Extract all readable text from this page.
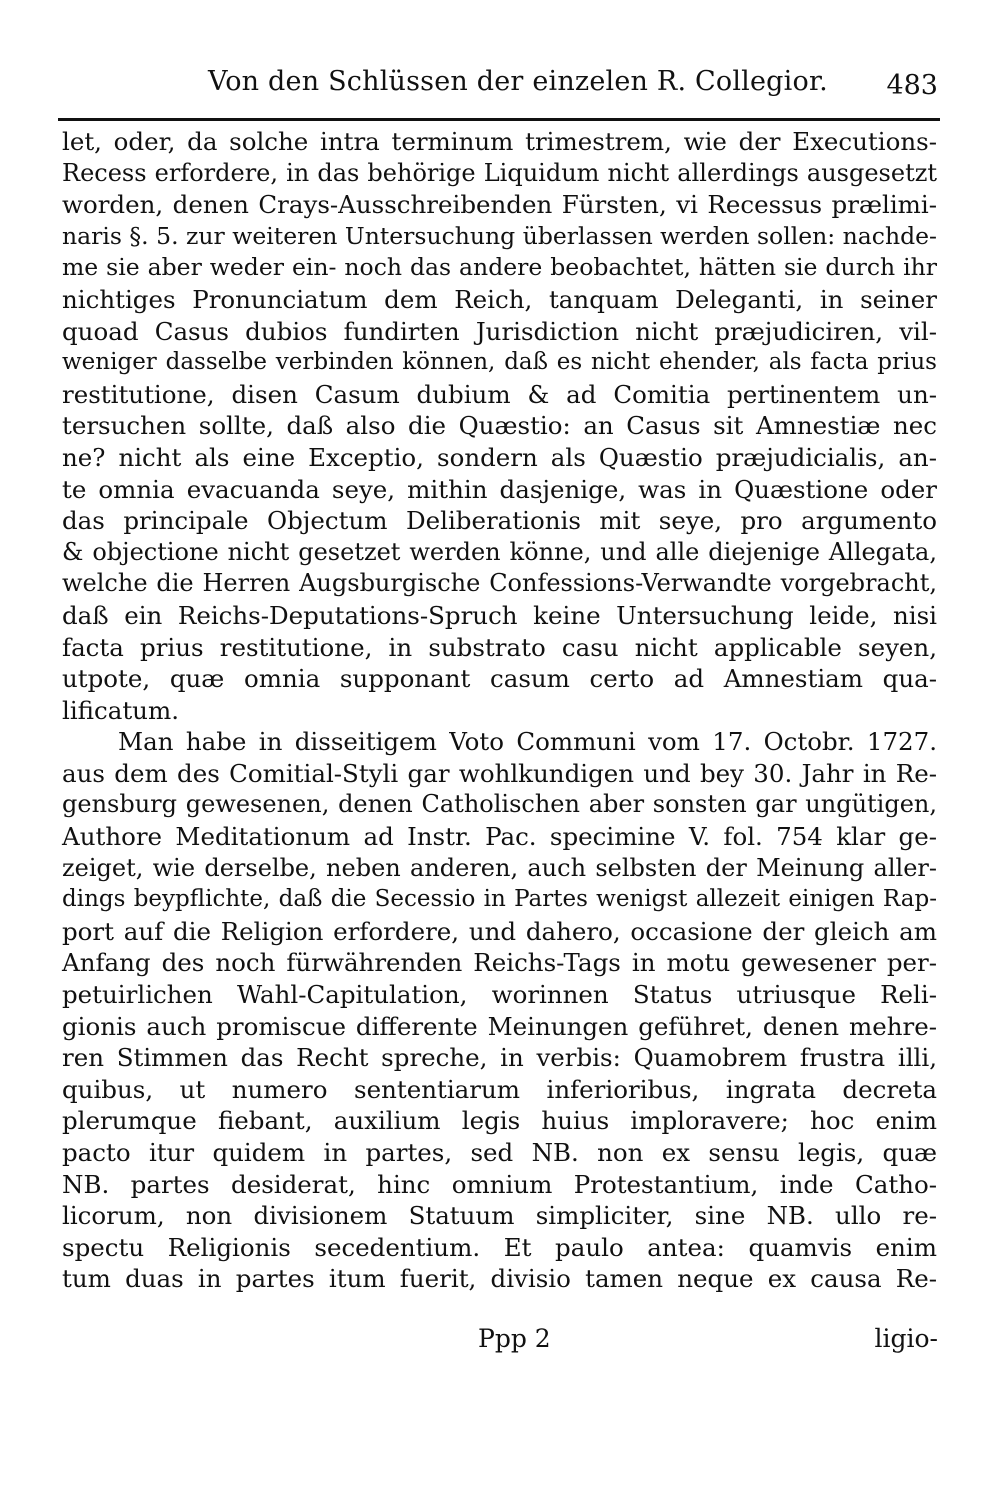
Von den Schlüssen der einzelen R. Collegior. 483
let, oder, da solche intra terminum trimestrem, wie der Executions-
Recess erfordere, in das behörige Liquidum nicht allerdings ausgesetzt
worden, denen Crays-Ausschreibenden Fürsten, vi Recessus prælimi-
naris §. 5. zur weiteren Untersuchung überlassen werden sollen: nachde-
me sie aber weder ein- noch das andere beobachtet, hätten sie durch ihr
nichtiges Pronunciatum dem Reich, tanquam Deleganti, in seiner
quoad Casus dubios fundirten Jurisdiction nicht præjudiciren, vil-
weniger dasselbe verbinden können, daß es nicht ehender, als facta prius
restitutione, disen Casum dubium & ad Comitia pertinentem un-
tersuchen sollte, daß also die Quæstio: an Casus sit Amnestiæ nec
ne? nicht als eine Exceptio, sondern als Quæstio præjudicialis, an-
te omnia evacuanda seye, mithin dasjenige, was in Quæstione oder
das principale Objectum Deliberationis mit seye, pro argumento
& objectione nicht gesetzet werden könne, und alle diejenige Allegata,
welche die Herren Augsburgische Confessions-Verwandte vorgebracht,
daß ein Reichs-Deputations-Spruch keine Untersuchung leide, nisi
facta prius restitutione, in substrato casu nicht applicable seyen,
utpote, quæ omnia supponant casum certo ad Amnestiam qua-
lificatum.
Man habe in disseitigem Voto Communi vom 17. Octobr. 1727.
aus dem des Comitial-Styli gar wohlkundigen und bey 30. Jahr in Re-
gensburg gewesenen, denen Catholischen aber sonsten gar ungütigen,
Authore Meditationum ad Instr. Pac. specimine V. fol. 754 klar ge-
zeiget, wie derselbe, neben anderen, auch selbsten der Meinung aller-
dings beypflichte, daß die Secessio in Partes wenigst allezeit einigen Rap-
port auf die Religion erfordere, und dahero, occasione der gleich am
Anfang des noch fürwährenden Reichs-Tags in motu gewesener per-
petuirlichen Wahl-Capitulation, worinnen Status utriusque Reli-
gionis auch promiscue differente Meinungen geführet, denen mehre-
ren Stimmen das Recht spreche, in verbis: Quamobrem frustra illi,
quibus, ut numero sententiarum inferioribus, ingrata decreta
plerumque fiebant, auxilium legis huius imploravere; hoc enim
pacto itur quidem in partes, sed NB. non ex sensu legis, quæ
NB. partes desiderat, hinc omnium Protestantium, inde Catho-
licorum, non divisionem Statuum simpliciter, sine NB. ullo re-
spectu Religionis secedentium. Et paulo antea: quamvis enim
tum duas in partes itum fuerit, divisio tamen neque ex causa Re-
Ppp 2	ligio-
